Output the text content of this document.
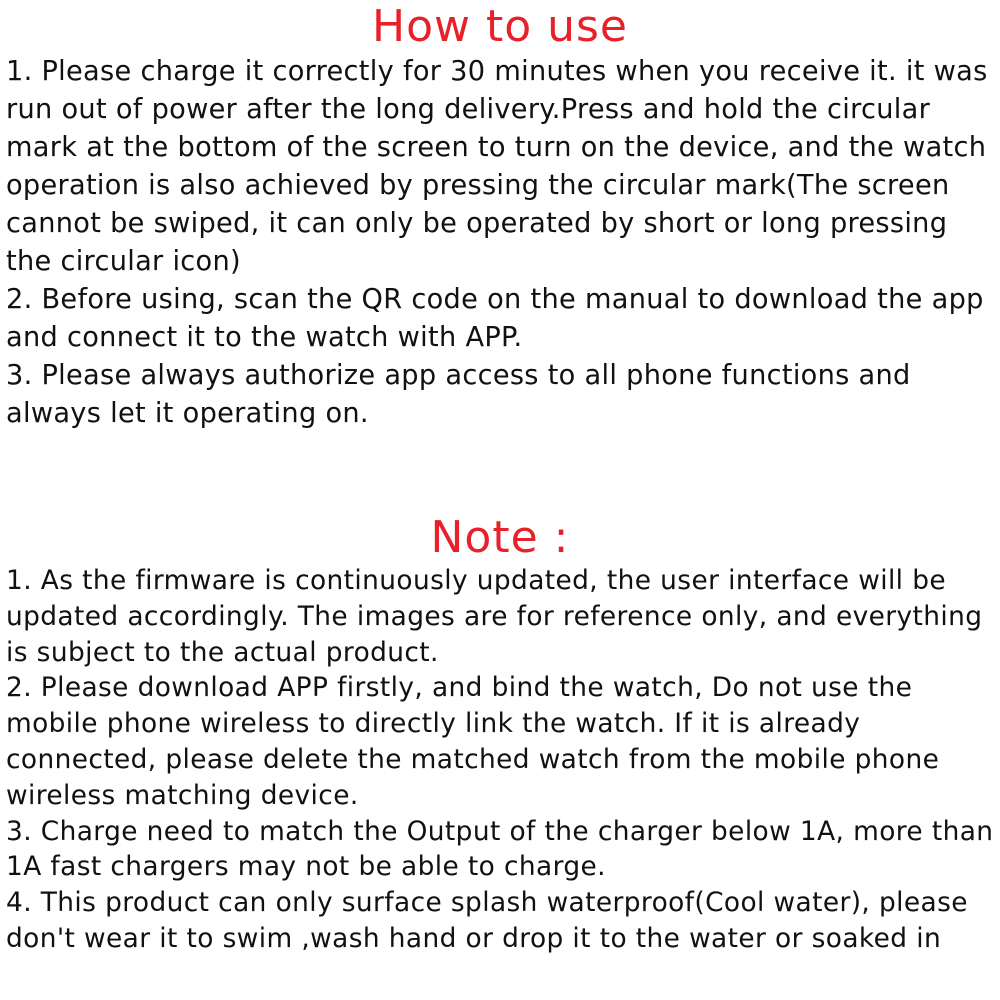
How to use
1. Please charge it correctly for 30 minutes when you receive it. it was run out of power after the long delivery.Press and hold the circular mark at the bottom of the screen to turn on the device, and the watch operation is also achieved by pressing the circular mark(The screen cannot be swiped, it can only be operated by short or long pressing the circular icon)
2. Before using, scan the QR code on the manual to download the app and connect it to the watch with APP.
3. Please always authorize app access to all phone functions and always let it operating on.
Note :
1. As the firmware is continuously updated, the user interface will be updated accordingly. The images are for reference only, and everything is subject to the actual product.
2. Please download APP firstly, and bind the watch, Do not use the mobile phone wireless to directly link the watch. If it is already connected, please delete the matched watch from the mobile phone wireless matching device.
3. Charge need to match the Output of the charger below 1A, more than 1A fast chargers may not be able to charge.
4. This product can only surface splash waterproof(Cool water), please don't wear it to swim ,wash hand or drop it to the water or soaked in
